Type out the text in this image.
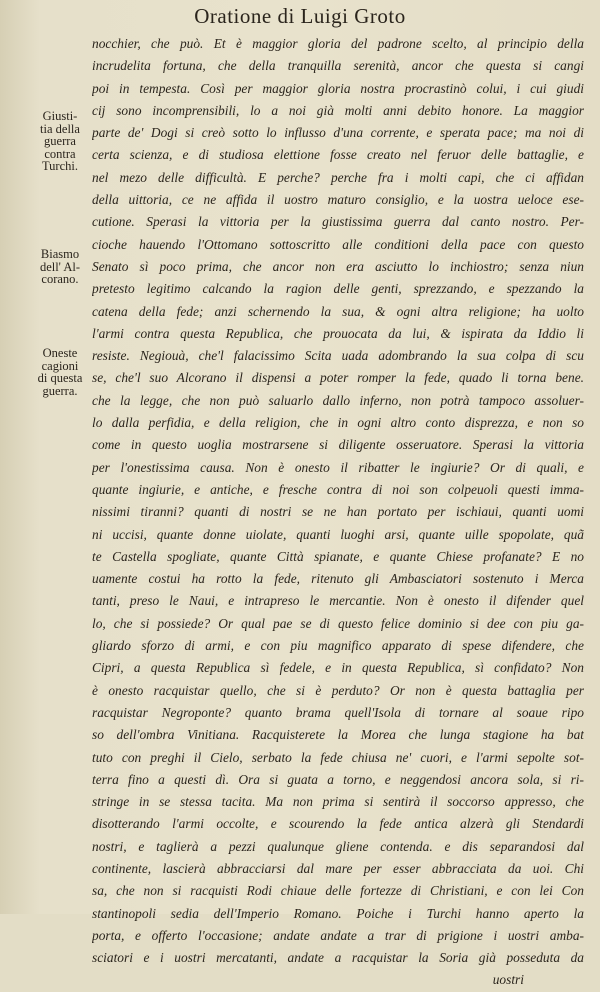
Oratione di Luigi Groto
Giusti-
tia della
guerra
contra
Turchi.
Biasmo
dell' Al-
corano.
Oneste
cagioni
di questa
guerra.
nocchier, che può. Et è maggior gloria del padrone scelto, al principio della
incrudelita fortuna, che della tranquilla serenità, ancor che questa si cangi
poi in tempesta. Così per maggior gloria nostra procrastinò colui, i cui giudi
cij sono incomprensibili, lo a noi già molti anni debito honore. La maggior
parte de' Dogi si creò sotto lo influsso d'una corrente, e sperata pace; ma noi di
certa scienza, e di studiosa elettione fosse creato nel feruor delle battaglie, e
nel mezo delle difficultà. E perche? perche fra i molti capi, che ci affidan
della uittoria, ce ne affida il uostro maturo consiglio, e la uostra ueloce ese-
cutione. Sperasi la vittoria per la giustissima guerra dal canto nostro. Per-
cioche hauendo l'Ottomano sottoscritto alle conditioni della pace con questo
Senato sì poco prima, che ancor non era asciutto lo inchiostro; senza niun
pretesto legitimo calcando la ragion delle genti, sprezzando, e spezzando la
catena della fede; anzi schernendo la sua, & ogni altra religione; ha uolto
l'armi contra questa Republica, che prouocata da lui, & ispirata da Iddio li
resiste. Negiouà, che'l falacissimo Scita uada adombrando la sua colpa di scu
se, che'l suo Alcorano il dispensi a poter romper la fede, quado li torna bene.
che la legge, che non può saluarlo dallo inferno, non potrà tampoco assoluer-
lo dalla perfidia, e della religion, che in ogni altro conto disprezza, e non so
come in questo uoglia mostrarsene si diligente osseruatore. Sperasi la vittoria
per l'onestissima causa. Non è onesto il ribatter le ingiurie? Or di quali, e
quante ingiurie, e antiche, e fresche contra di noi son colpeuoli questi imma-
nissimi tiranni? quanti di nostri se ne han portato per ischiaui, quanti uomi
ni uccisi, quante donne uiolate, quanti luoghi arsi, quante uille spopolate, quã
te Castella spogliate, quante Città spianate, e quante Chiese profanate? E no
uamente costui ha rotto la fede, ritenuto gli Ambasciatori sostenuto i Merca
tanti, preso le Naui, e intrapreso le mercantie. Non è onesto il difender quel
lo, che si possiede? Or qual pae se di questo felice dominio si dee con piu ga-
gliardo sforzo di armi, e con piu magnifico apparato di spese difendere, che
Cipri, a questa Republica sì fedele, e in questa Republica, sì confidato? Non
è onesto racquistar quello, che si è perduto? Or non è questa battaglia per
racquistar Negroponte? quanto brama quell'Isola di tornare al soaue ripo
so dell'ombra Vinitiana. Racquisterete la Morea che lunga stagione ha bat
tuto con preghi il Cielo, serbato la fede chiusa ne' cuori, e l'armi sepolte sot-
terra fino a questi dì. Ora si guata a torno, e neggendosi ancora sola, si ri-
stringe in se stessa tacita. Ma non prima si sentirà il soccorso appresso, che
disotterando l'armi occolte, e scourendo la fede antica alzerà gli Stendardi
nostri, e taglierà a pezzi qualunque gliene contenda. e dis separandosi dal
continente, lascierà abbracciarsi dal mare per esser abbracciata da uoi. Chi
sa, che non si racquisti Rodi chiaue delle fortezze di Christiani, e con lei Con
stantinopoli sedia dell'Imperio Romano. Poiche i Turchi hanno aperto la
porta, e offerto l'occasione; andate andate a trar di prigione i uostri amba-
sciatori e i uostri mercatanti, andate a racquistar la Soria già posseduta da
uostri
